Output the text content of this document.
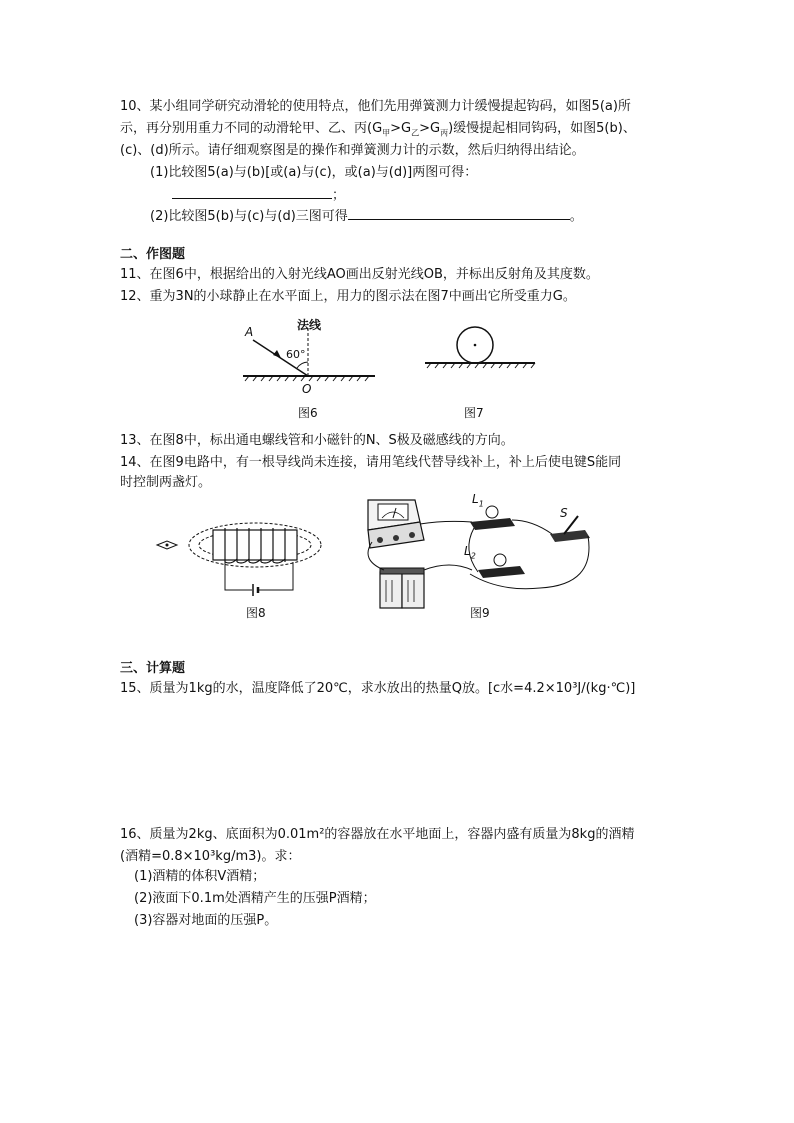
10、某小组同学研究动滑轮的使用特点，他们先用弹簧测力计缓慢提起钩码，如图5(a)所
示，再分别用重力不同的动滑轮甲、乙、丙$(G_甲>G_乙>G_丙)$缓慢提起相同钩码，如图5(b)、
(c)、(d)所示。请仔细观察图是的操作和弹簧测力计的示数，然后归纳得出结论。
(1)比较图5(a)与(b)[或(a)与(c)，或(a)与(d)]两图可得：
；
(2)比较图5(b)与(c)与(d)三图可得	。
二、作图题
11、在图6中，根据给出的入射光线AO画出反射光线OB，并标出反射角及其度数。
12、重为3N的小球静止在水平面上，用力的图示法在图7中画出它所受重力G。
法线
A
60°
O
图6	图7
13、在图8中，标出通电螺线管和小磁针的N、S极及磁感线的方向。
14、在图9电路中，有一根导线尚未连接，请用笔线代替导线补上，补上后使电键S能同
时控制两盏灯。
图8
$L_1$
$L_2$
S
图9
三、计算题
15、质量为1kg的水，温度降低了20℃，求水放出的热量Q放。[c水=4.2×10³J/(kg·℃)]
16、质量为2kg、底面积为0.01m²的容器放在水平地面上，容器内盛有质量为8kg的酒精
(酒精=0.8×10³kg/m3)。求：
(1)酒精的体积V酒精；
(2)液面下0.1m处酒精产生的压强P酒精；
(3)容器对地面的压强P。
